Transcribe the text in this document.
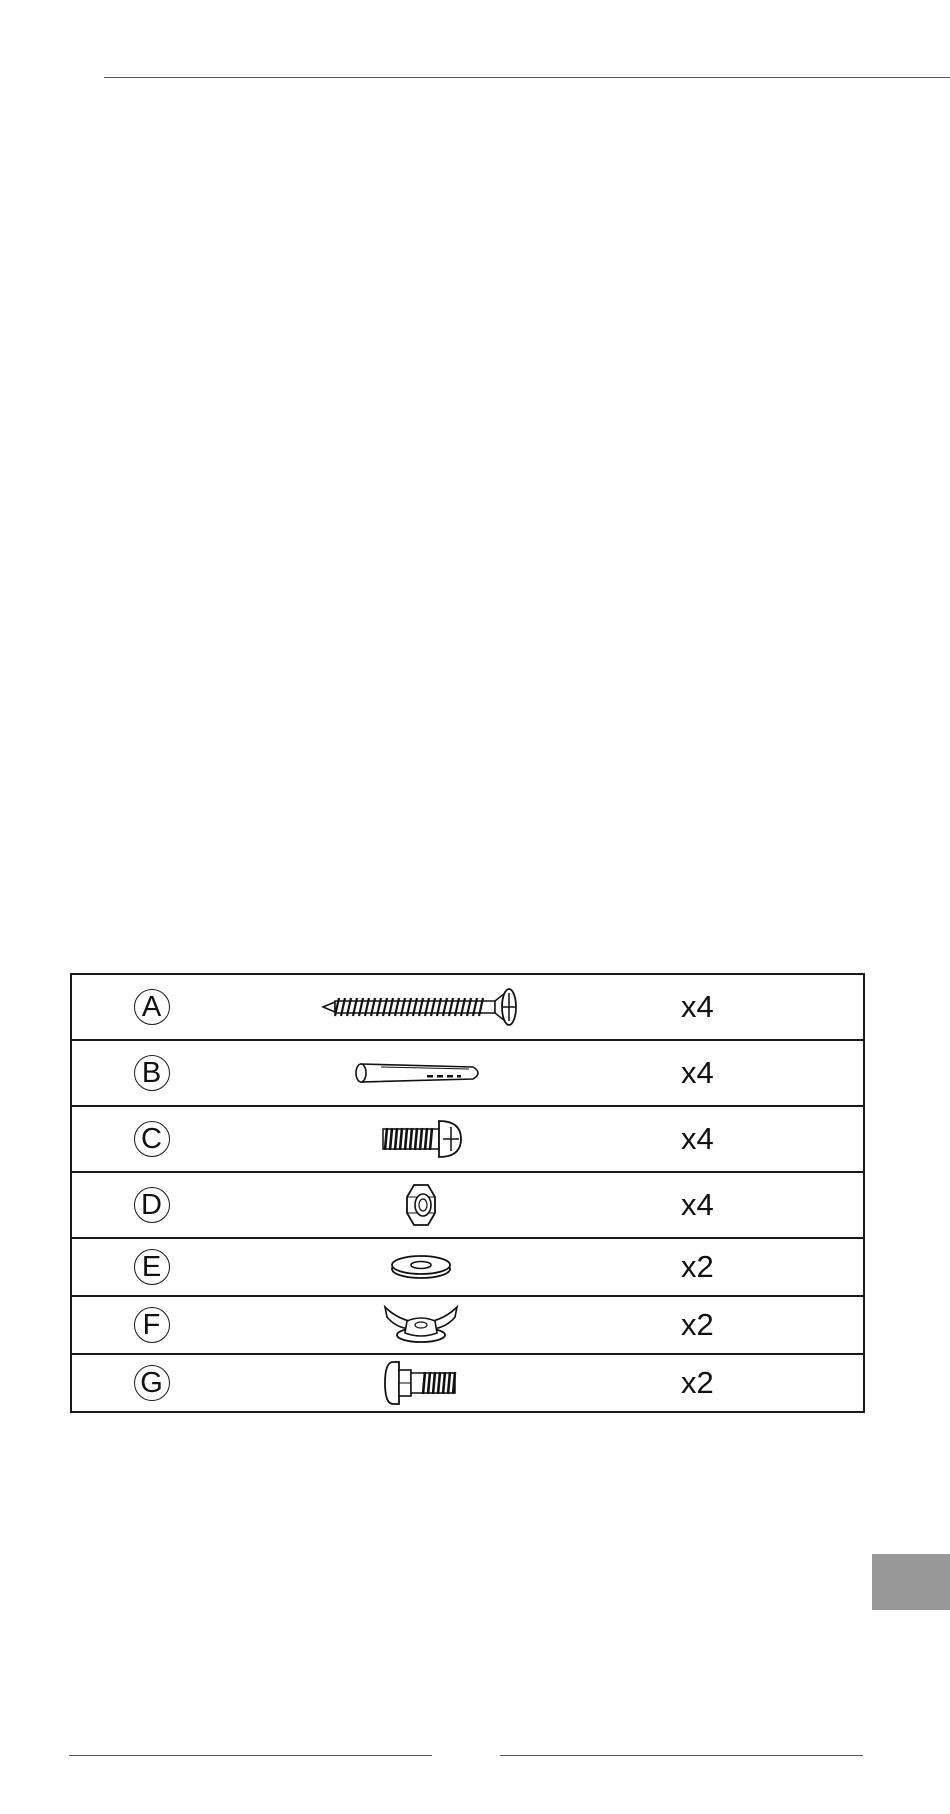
A		x4

B		x4

C		x4

D		x4

E		x2

F		x2

G		x2
